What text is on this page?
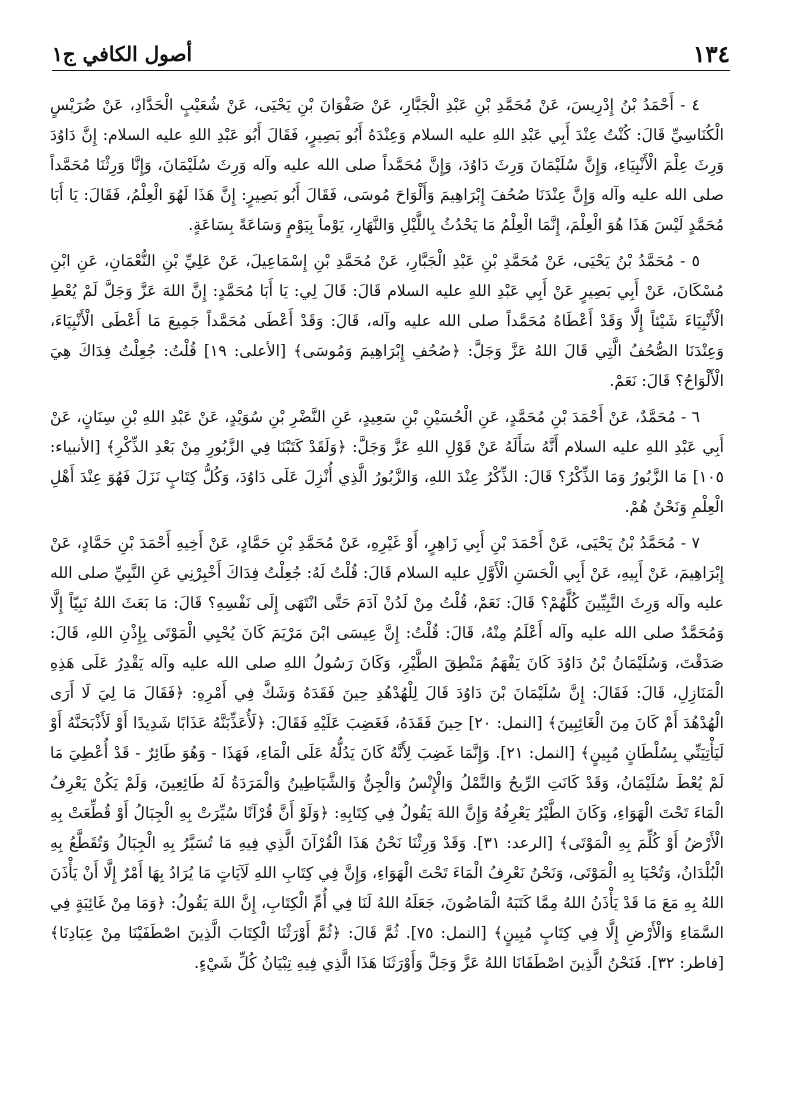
أصول الكافي ج١	١٣٤

٤ - أَحْمَدُ بْنُ إِدْرِيسَ، عَنْ مُحَمَّدِ بْنِ عَبْدِ الْجَبَّارِ، عَنْ صَفْوَانَ بْنِ يَحْيَى، عَنْ شُعَيْبٍ الْحَدَّادِ، عَنْ ضُرَيْسٍ الْكُنَاسِيِّ قَالَ: كُنْتُ عِنْدَ أَبِي عَبْدِ اللهِ عليه السلام وَعِنْدَهُ أَبُو بَصِيرٍ، فَقَالَ أَبُو عَبْدِ اللهِ عليه السلام: إِنَّ دَاوُدَ وَرِثَ عِلْمَ الْأَنْبِيَاءِ، وَإِنَّ سُلَيْمَانَ وَرِثَ دَاوُدَ، وَإِنَّ مُحَمَّداً صلى الله عليه وآله وَرِثَ سُلَيْمَانَ، وَإِنَّا وَرِثْنَا مُحَمَّداً صلى الله عليه وآله وَإِنَّ عِنْدَنَا صُحُفَ إِبْرَاهِيمَ وَأَلْوَاحَ مُوسَى، فَقَالَ أَبُو بَصِيرٍ: إِنَّ هَذَا لَهُوَ الْعِلْمُ، فَقَالَ: يَا أَبَا مُحَمَّدٍ لَيْسَ هَذَا هُوَ الْعِلْمَ، إِنَّمَا الْعِلْمُ مَا يَحْدُثُ بِاللَّيْلِ وَالنَّهَارِ، يَوْماً بِيَوْمٍ وَسَاعَةً بِسَاعَةٍ.

٥ - مُحَمَّدُ بْنُ يَحْيَى، عَنْ مُحَمَّدِ بْنِ عَبْدِ الْجَبَّارِ، عَنْ مُحَمَّدِ بْنِ إِسْمَاعِيلَ، عَنْ عَلِيِّ بْنِ النُّعْمَانِ، عَنِ ابْنِ مُسْكَانَ، عَنْ أَبِي بَصِيرٍ عَنْ أَبِي عَبْدِ اللهِ عليه السلام قَالَ: قَالَ لِي: يَا أَبَا مُحَمَّدٍ: إِنَّ اللهَ عَزَّ وَجَلَّ لَمْ يُعْطِ الْأَنْبِيَاءَ شَيْئاً إِلَّا وَقَدْ أَعْطَاهُ مُحَمَّداً صلى الله عليه وآله، قَالَ: وَقَدْ أَعْطَى مُحَمَّداً جَمِيعَ مَا أَعْطَى الْأَنْبِيَاءَ، وَعِنْدَنَا الصُّحُفُ الَّتِي قَالَ اللهُ عَزَّ وَجَلَّ: ﴿صُحُفِ إِبْرَاهِيمَ وَمُوسَى﴾ [الأعلى: ١٩] قُلْتُ: جُعِلْتُ فِدَاكَ هِيَ الْأَلْوَاحُ؟ قَالَ: نَعَمْ.

٦ - مُحَمَّدٌ، عَنْ أَحْمَدَ بْنِ مُحَمَّدٍ، عَنِ الْحُسَيْنِ بْنِ سَعِيدٍ، عَنِ النَّضْرِ بْنِ سُوَيْدٍ، عَنْ عَبْدِ اللهِ بْنِ سِنَانٍ، عَنْ أَبِي عَبْدِ اللهِ عليه السلام أَنَّهُ سَأَلَهُ عَنْ قَوْلِ اللهِ عَزَّ وَجَلَّ: ﴿وَلَقَدْ كَتَبْنَا فِي الزَّبُورِ مِنْ بَعْدِ الذِّكْرِ﴾ [الأنبياء: ١٠٥] مَا الزَّبُورُ وَمَا الذِّكْرُ؟ قَالَ: الذِّكْرُ عِنْدَ اللهِ، وَالزَّبُورُ الَّذِي أُنْزِلَ عَلَى دَاوُدَ، وَكُلُّ كِتَابٍ نَزَلَ فَهُوَ عِنْدَ أَهْلِ الْعِلْمِ وَنَحْنُ هُمْ.

٧ - مُحَمَّدُ بْنُ يَحْيَى، عَنْ أَحْمَدَ بْنِ أَبِي زَاهِرٍ، أَوْ غَيْرِهِ، عَنْ مُحَمَّدِ بْنِ حَمَّادٍ، عَنْ أَخِيهِ أَحْمَدَ بْنِ حَمَّادٍ، عَنْ إِبْرَاهِيمَ، عَنْ أَبِيهِ، عَنْ أَبِي الْحَسَنِ الْأَوَّلِ عليه السلام قَالَ: قُلْتُ لَهُ: جُعِلْتُ فِدَاكَ أَخْبِرْنِي عَنِ النَّبِيِّ صلى الله عليه وآله وَرِثَ النَّبِيِّينَ كُلَّهُمْ؟ قَالَ: نَعَمْ، قُلْتُ مِنْ لَدُنْ آدَمَ حَتَّى انْتَهَى إِلَى نَفْسِهِ؟ قَالَ: مَا بَعَثَ اللهُ نَبِيّاً إِلَّا وَمُحَمَّدٌ صلى الله عليه وآله أَعْلَمُ مِنْهُ، قَالَ: قُلْتُ: إِنَّ عِيسَى ابْنَ مَرْيَمَ كَانَ يُحْيِي الْمَوْتَى بِإِذْنِ اللهِ، قَالَ: صَدَقْتَ، وَسُلَيْمَانُ بْنُ دَاوُدَ كَانَ يَفْهَمُ مَنْطِقَ الطَّيْرِ، وَكَانَ رَسُولُ اللهِ صلى الله عليه وآله يَقْدِرُ عَلَى هَذِهِ الْمَنَازِلِ، قَالَ: فَقَالَ: إِنَّ سُلَيْمَانَ بْنَ دَاوُدَ قَالَ لِلْهُدْهُدِ حِينَ فَقَدَهُ وَشَكَّ فِي أَمْرِهِ: ﴿فَقَالَ مَا لِيَ لَا أَرَى الْهُدْهُدَ أَمْ كَانَ مِنَ الْغَائِبِينَ﴾ [النمل: ٢٠] حِينَ فَقَدَهُ، فَغَضِبَ عَلَيْهِ فَقَالَ: ﴿لَأُعَذِّبَنَّهُ عَذَابًا شَدِيدًا أَوْ لَأَذْبَحَنَّهُ أَوْ لَيَأْتِيَنِّي بِسُلْطَانٍ مُبِينٍ﴾ [النمل: ٢١]. وَإِنَّمَا غَضِبَ لِأَنَّهُ كَانَ يَدُلُّهُ عَلَى الْمَاءِ، فَهَذَا - وَهُوَ طَائِرٌ - قَدْ أُعْطِيَ مَا لَمْ يُعْطَ سُلَيْمَانُ، وَقَدْ كَانَتِ الرِّيحُ وَالنَّمْلُ وَالْإِنْسُ وَالْجِنُّ وَالشَّيَاطِينُ وَالْمَرَدَةُ لَهُ طَائِعِينَ، وَلَمْ يَكُنْ يَعْرِفُ الْمَاءَ تَحْتَ الْهَوَاءِ، وَكَانَ الطَّيْرُ يَعْرِفُهُ وَإِنَّ اللهَ يَقُولُ فِي كِتَابِهِ: ﴿وَلَوْ أَنَّ قُرْآنًا سُيِّرَتْ بِهِ الْجِبَالُ أَوْ قُطِّعَتْ بِهِ الْأَرْضُ أَوْ كُلِّمَ بِهِ الْمَوْتَى﴾ [الرعد: ٣١]. وَقَدْ وَرِثْنَا نَحْنُ هَذَا الْقُرْآنَ الَّذِي فِيهِ مَا تُسَيَّرُ بِهِ الْجِبَالُ وَتُقَطَّعُ بِهِ الْبُلْدَانُ، وَتُحْيَا بِهِ الْمَوْتَى، وَنَحْنُ نَعْرِفُ الْمَاءَ تَحْتَ الْهَوَاءِ، وَإِنَّ فِي كِتَابِ اللهِ لَآيَاتٍ مَا يُرَادُ بِهَا أَمْرٌ إِلَّا أَنْ يَأْذَنَ اللهُ بِهِ مَعَ مَا قَدْ يَأْذَنُ اللهُ مِمَّا كَتَبَهُ الْمَاضُونَ، جَعَلَهُ اللهُ لَنَا فِي أُمِّ الْكِتَابِ، إِنَّ اللهَ يَقُولُ: ﴿وَمَا مِنْ غَائِبَةٍ فِي السَّمَاءِ وَالْأَرْضِ إِلَّا فِي كِتَابٍ مُبِينٍ﴾ [النمل: ٧٥]. ثُمَّ قَالَ: ﴿ثُمَّ أَوْرَثْنَا الْكِتَابَ الَّذِينَ اصْطَفَيْنَا مِنْ عِبَادِنَا﴾ [فاطر: ٣٢]. فَنَحْنُ الَّذِينَ اصْطَفَانَا اللهُ عَزَّ وَجَلَّ وَأَوْرَثَنَا هَذَا الَّذِي فِيهِ تِبْيَانُ كُلِّ شَيْءٍ.
